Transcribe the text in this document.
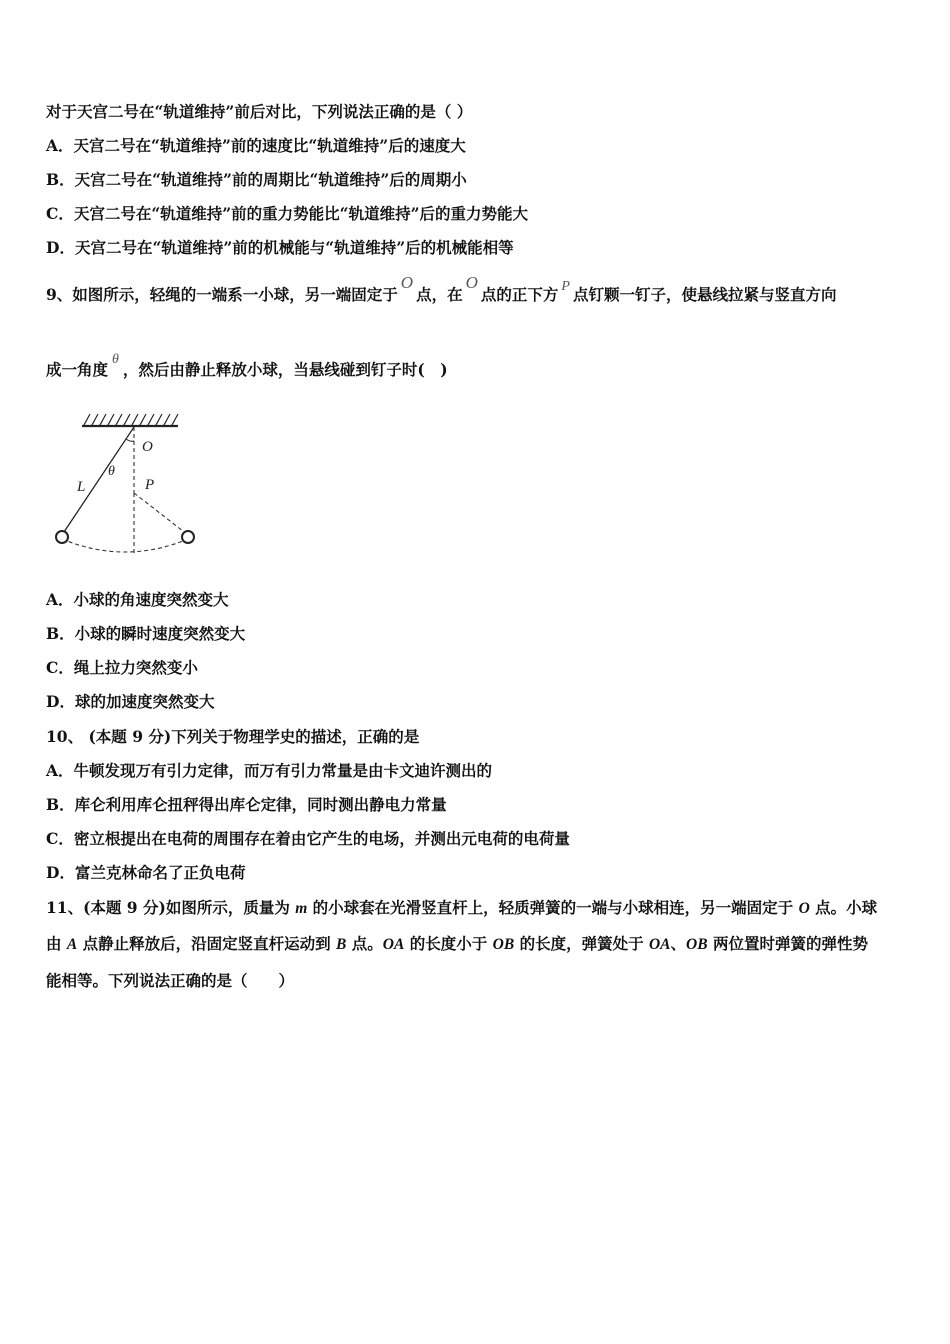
对于天宫二号在“轨道维持”前后对比，下列说法正确的是（ ）
A．天宫二号在“轨道维持”前的速度比“轨道维持”后的速度大
B．天宫二号在“轨道维持”前的周期比“轨道维持”后的周期小
C．天宫二号在“轨道维持”前的重力势能比“轨道维持”后的重力势能大
D．天宫二号在“轨道维持”前的机械能与“轨道维持”后的机械能相等
9、如图所示，轻绳的一端系一小球，另一端固定于O点，在O点的正下方 P 点钉颗一钉子，使悬线拉紧与竖直方向
成一角度θ，然后由静止释放小球，当悬线碰到钉子时(　)
O
P
L
θ
A．小球的角速度突然变大
B．小球的瞬时速度突然变大
C．绳上拉力突然变小
D．球的加速度突然变大
10、 (本题 9 分)下列关于物理学史的描述，正确的是
A．牛顿发现万有引力定律，而万有引力常量是由卡文迪许测出的
B．库仑利用库仑扭秤得出库仑定律，同时测出静电力常量
C．密立根提出在电荷的周围存在着由它产生的电场，并测出元电荷的电荷量
D．富兰克林命名了正负电荷
11、(本题 9 分)如图所示，质量为 m 的小球套在光滑竖直杆上，轻质弹簧的一端与小球相连，另一端固定于 O 点。小球
由 A 点静止释放后，沿固定竖直杆运动到 B 点。OA 的长度小于 OB 的长度，弹簧处于 OA、OB 两位置时弹簧的弹性势
能相等。下列说法正确的是（　　）
